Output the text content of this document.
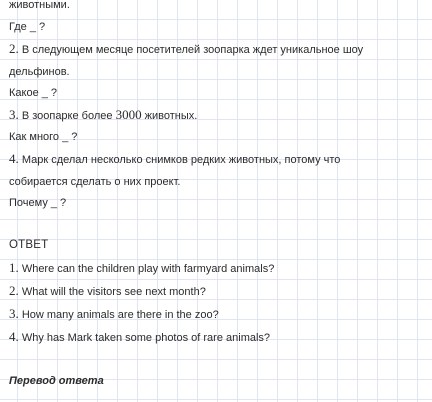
животными.
Где _ ?
2. В следующем месяце посетителей зоопарка ждет уникальное шоу
дельфинов.
Какое _ ?
3. В зоопарке более 3000 животных.
Как много _ ?
4. Марк сделал несколько снимков редких животных, потому что
собирается сделать о них проект.
Почему _ ?
ОТВЕТ
1. Where can the children play with farmyard animals?
2. What will the visitors see next month?
3. How many animals are there in the zoo?
4. Why has Mark taken some photos of rare animals?
Перевод ответа
